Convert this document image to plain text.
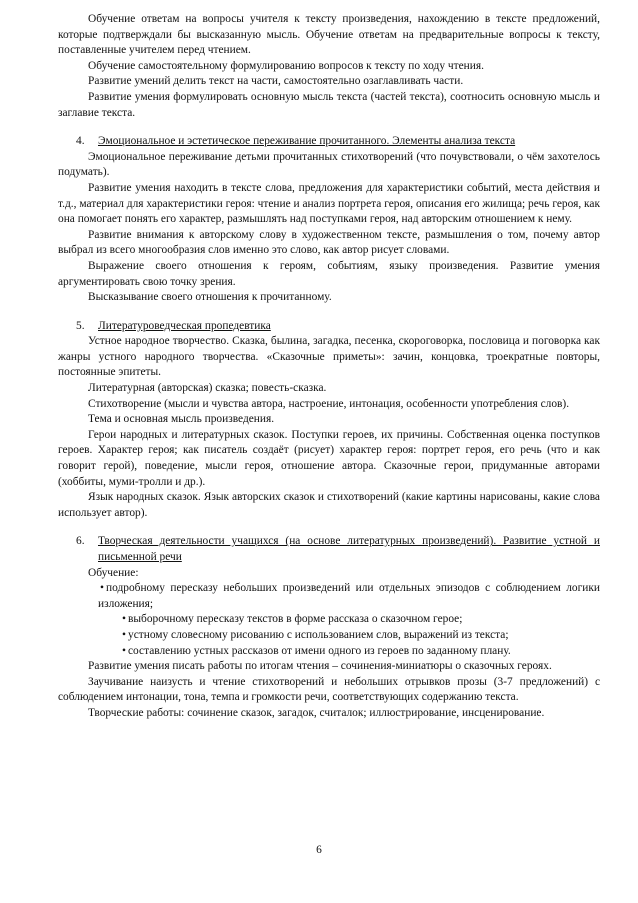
Обучение ответам на вопросы учителя к тексту произведения, нахождению в тексте предложений, которые подтверждали бы высказанную мысль. Обучение ответам на предварительные вопросы к тексту, поставленные учителем перед чтением.

Обучение самостоятельному формулированию вопросов к тексту по ходу чтения.

Развитие умений делить текст на части, самостоятельно озаглавливать части.

Развитие умения формулировать основную мысль текста (частей текста), соотносить основную мысль и заглавие текста.

4.	Эмоциональное и эстетическое переживание прочитанного. Элементы анализа текста

Эмоциональное переживание детьми прочитанных стихотворений (что почувствовали, о чём захотелось подумать).

Развитие умения находить в тексте слова, предложения для характеристики событий, места действия и т.д., материал для характеристики героя: чтение и анализ портрета героя, описания его жилища; речь героя, как она помогает понять его характер, размышлять над поступками героя, над авторским отношением к нему.

Развитие внимания к авторскому слову в художественном тексте, размышления о том, почему автор выбрал из всего многообразия слов именно это слово, как автор рисует словами.

Выражение своего отношения к героям, событиям, языку произведения. Развитие умения аргументировать свою точку зрения.

Высказывание своего отношения к прочитанному.

5.	Литературоведческая пропедевтика

Устное народное творчество. Сказка, былина, загадка, песенка, скороговорка, пословица и поговорка как жанры устного народного творчества. «Сказочные приметы»: зачин, концовка, троекратные повторы, постоянные эпитеты.

Литературная (авторская) сказка; повесть-сказка.

Стихотворение (мысли и чувства автора, настроение, интонация, особенности употребления слов).

Тема и основная мысль произведения.

Герои народных и литературных сказок. Поступки героев, их причины. Собственная оценка поступков героев. Характер героя; как писатель создаёт (рисует) характер героя: портрет героя, его речь (что и как говорит герой), поведение, мысли героя, отношение автора. Сказочные герои, придуманные авторами (хоббиты, муми-тролли и др.).

Язык народных сказок. Язык авторских сказок и стихотворений (какие картины нарисованы, какие слова использует автор).

6.	Творческая деятельности учащихся (на основе литературных произведений). Развитие устной и письменной речи

Обучение:

• подробному пересказу небольших произведений или отдельных эпизодов с соблюдением логики изложения;
• выборочному пересказу текстов в форме рассказа о сказочном герое;
• устному словесному рисованию с использованием слов, выражений из текста;
• составлению устных рассказов от имени одного из героев по заданному плану.

Развитие умения писать работы по итогам чтения – сочинения-миниатюры о сказочных героях.

Заучивание наизусть и чтение стихотворений и небольших отрывков прозы (3-7 предложений) с соблюдением интонации, тона, темпа и громкости речи, соответствующих содержанию текста.

Творческие работы: сочинение сказок, загадок, считалок; иллюстрирование, инсценирование.

6
